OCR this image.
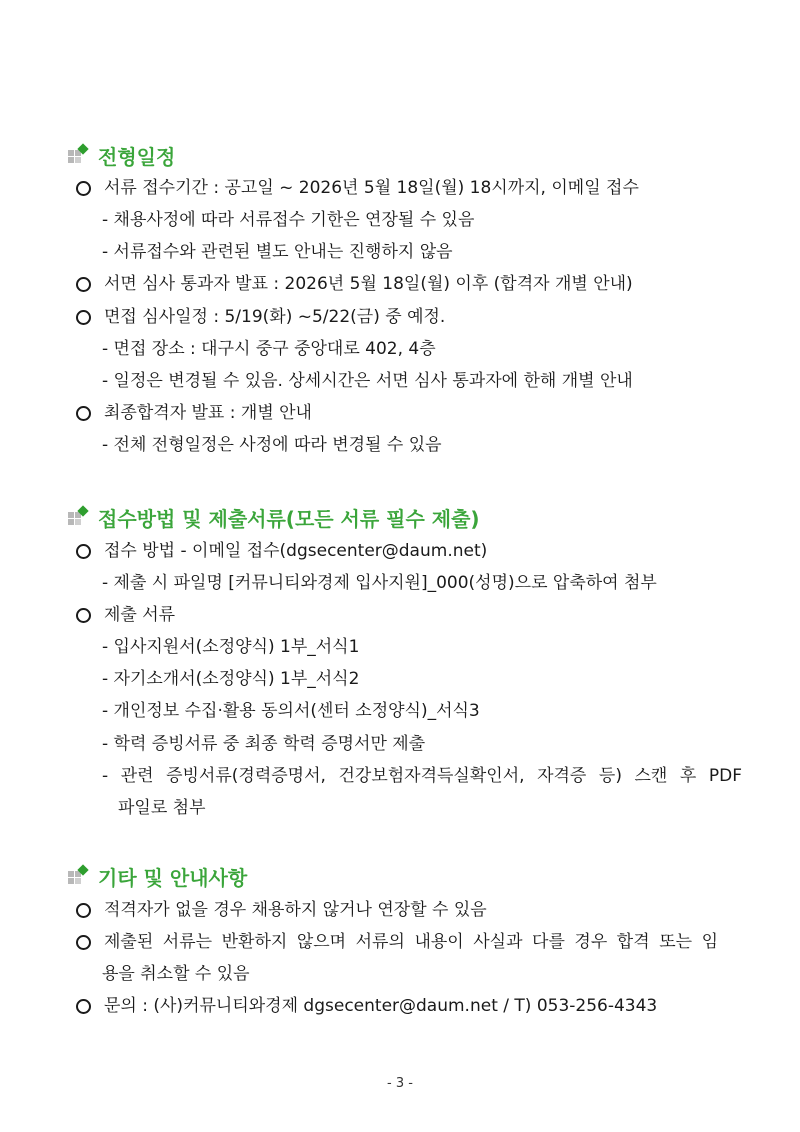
전형일정
서류 접수기간 : 공고일 ~ 2026년 5월 18일(월) 18시까지, 이메일 접수
- 채용사정에 따라 서류접수 기한은 연장될 수 있음
- 서류접수와 관련된 별도 안내는 진행하지 않음
서면 심사 통과자 발표 : 2026년 5월 18일(월) 이후 (합격자 개별 안내)
면접 심사일정 : 5/19(화) ~5/22(금) 중 예정.
- 면접 장소 : 대구시 중구 중앙대로 402, 4층
- 일정은 변경될 수 있음. 상세시간은 서면 심사 통과자에 한해 개별 안내
최종합격자 발표 : 개별 안내
- 전체 전형일정은 사정에 따라 변경될 수 있음
접수방법 및 제출서류(모든 서류 필수 제출)
접수 방법 - 이메일 접수(dgsecenter@daum.net)
- 제출 시 파일명 [커뮤니티와경제 입사지원]_000(성명)으로 압축하여 첨부
제출 서류
- 입사지원서(소정양식) 1부_서식1
- 자기소개서(소정양식) 1부_서식2
- 개인정보 수집·활용 동의서(센터 소정양식)_서식3
- 학력 증빙서류 중 최종 학력 증명서만 제출
- 관련 증빙서류(경력증명서, 건강보험자격득실확인서, 자격증 등) 스캔 후 PDF
파일로 첨부
기타 및 안내사항
적격자가 없을 경우 채용하지 않거나 연장할 수 있음
제출된 서류는 반환하지 않으며 서류의 내용이 사실과 다를 경우 합격 또는 임
용을 취소할 수 있음
문의 : (사)커뮤니티와경제 dgsecenter@daum.net / T) 053-256-4343
- 3 -
